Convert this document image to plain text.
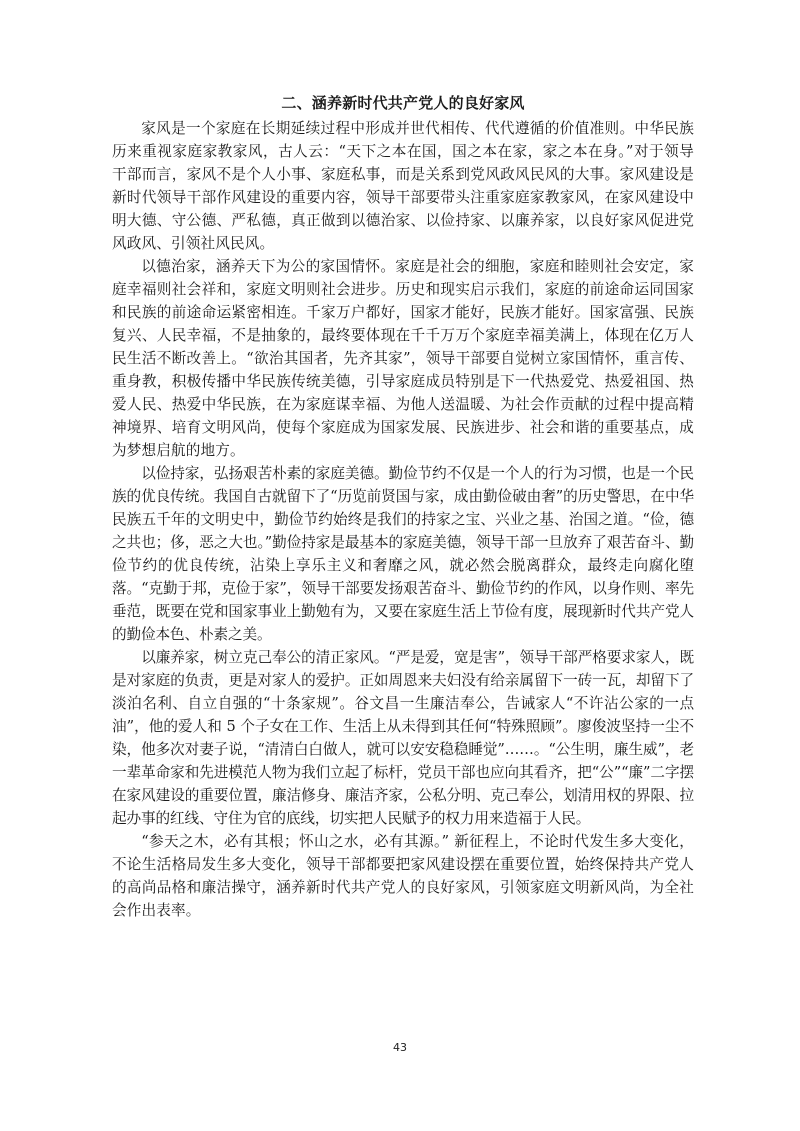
二、涵养新时代共产党人的良好家风

家风是一个家庭在长期延续过程中形成并世代相传、代代遵循的价值准则。中华民族历来重视家庭家教家风，古人云：“天下之本在国，国之本在家，家之本在身。”对于领导干部而言，家风不是个人小事、家庭私事，而是关系到党风政风民风的大事。家风建设是新时代领导干部作风建设的重要内容，领导干部要带头注重家庭家教家风，在家风建设中明大德、守公德、严私德，真正做到以德治家、以俭持家、以廉养家，以良好家风促进党风政风、引领社风民风。

以德治家，涵养天下为公的家国情怀。家庭是社会的细胞，家庭和睦则社会安定，家庭幸福则社会祥和，家庭文明则社会进步。历史和现实启示我们，家庭的前途命运同国家和民族的前途命运紧密相连。千家万户都好，国家才能好，民族才能好。国家富强、民族复兴、人民幸福，不是抽象的，最终要体现在千千万万个家庭幸福美满上，体现在亿万人民生活不断改善上。“欲治其国者，先齐其家”，领导干部要自觉树立家国情怀，重言传、重身教，积极传播中华民族传统美德，引导家庭成员特别是下一代热爱党、热爱祖国、热爱人民、热爱中华民族，在为家庭谋幸福、为他人送温暖、为社会作贡献的过程中提高精神境界、培育文明风尚，使每个家庭成为国家发展、民族进步、社会和谐的重要基点，成为梦想启航的地方。

以俭持家，弘扬艰苦朴素的家庭美德。勤俭节约不仅是一个人的行为习惯，也是一个民族的优良传统。我国自古就留下了“历览前贤国与家，成由勤俭破由奢”的历史警思，在中华民族五千年的文明史中，勤俭节约始终是我们的持家之宝、兴业之基、治国之道。“俭，德之共也；侈，恶之大也。”勤俭持家是最基本的家庭美德，领导干部一旦放弃了艰苦奋斗、勤俭节约的优良传统，沾染上享乐主义和奢靡之风，就必然会脱离群众，最终走向腐化堕落。“克勤于邦，克俭于家”，领导干部要发扬艰苦奋斗、勤俭节约的作风，以身作则、率先垂范，既要在党和国家事业上勤勉有为，又要在家庭生活上节俭有度，展现新时代共产党人的勤俭本色、朴素之美。

以廉养家，树立克己奉公的清正家风。“严是爱，宽是害”，领导干部严格要求家人，既是对家庭的负责，更是对家人的爱护。正如周恩来夫妇没有给亲属留下一砖一瓦，却留下了淡泊名利、自立自强的“十条家规”。谷文昌一生廉洁奉公，告诫家人“不许沾公家的一点油”，他的爱人和 5 个子女在工作、生活上从未得到其任何“特殊照顾”。廖俊波坚持一尘不染，他多次对妻子说，“清清白白做人，就可以安安稳稳睡觉”……。“公生明，廉生威”，老一辈革命家和先进模范人物为我们立起了标杆，党员干部也应向其看齐，把“公”“廉”二字摆在家风建设的重要位置，廉洁修身、廉洁齐家，公私分明、克己奉公，划清用权的界限、拉起办事的红线、守住为官的底线，切实把人民赋予的权力用来造福于人民。

“参天之木，必有其根；怀山之水，必有其源。” 新征程上，不论时代发生多大变化，不论生活格局发生多大变化，领导干部都要把家风建设摆在重要位置，始终保持共产党人的高尚品格和廉洁操守，涵养新时代共产党人的良好家风，引领家庭文明新风尚，为全社会作出表率。

43
